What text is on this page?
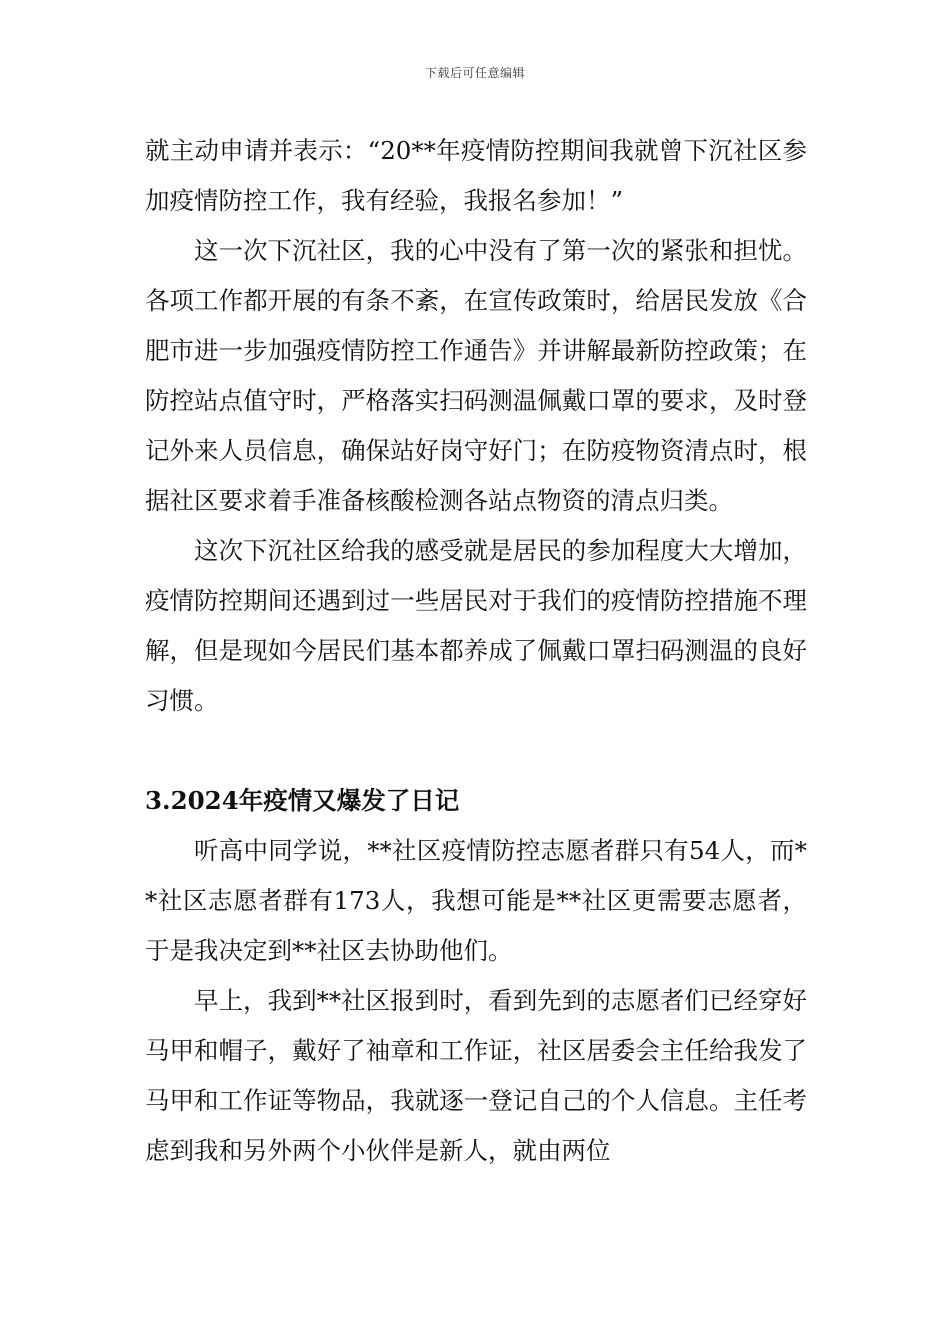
下载后可任意编辑

就主动申请并表示：“20**年疫情防控期间我就曾下沉社区参加疫情防控工作，我有经验，我报名参加！”

这一次下沉社区，我的心中没有了第一次的紧张和担忧。各项工作都开展的有条不紊，在宣传政策时，给居民发放《合肥市进一步加强疫情防控工作通告》并讲解最新防控政策；在防控站点值守时，严格落实扫码测温佩戴口罩的要求，及时登记外来人员信息，确保站好岗守好门；在防疫物资清点时，根据社区要求着手准备核酸检测各站点物资的清点归类。

这次下沉社区给我的感受就是居民的参加程度大大增加，疫情防控期间还遇到过一些居民对于我们的疫情防控措施不理解，但是现如今居民们基本都养成了佩戴口罩扫码测温的良好习惯。

3.2024年疫情又爆发了日记

听高中同学说，**社区疫情防控志愿者群只有54人，而**社区志愿者群有173人，我想可能是**社区更需要志愿者，于是我决定到**社区去协助他们。

早上，我到**社区报到时，看到先到的志愿者们已经穿好马甲和帽子，戴好了袖章和工作证，社区居委会主任给我发了马甲和工作证等物品，我就逐一登记自己的个人信息。主任考虑到我和另外两个小伙伴是新人，就由两位
